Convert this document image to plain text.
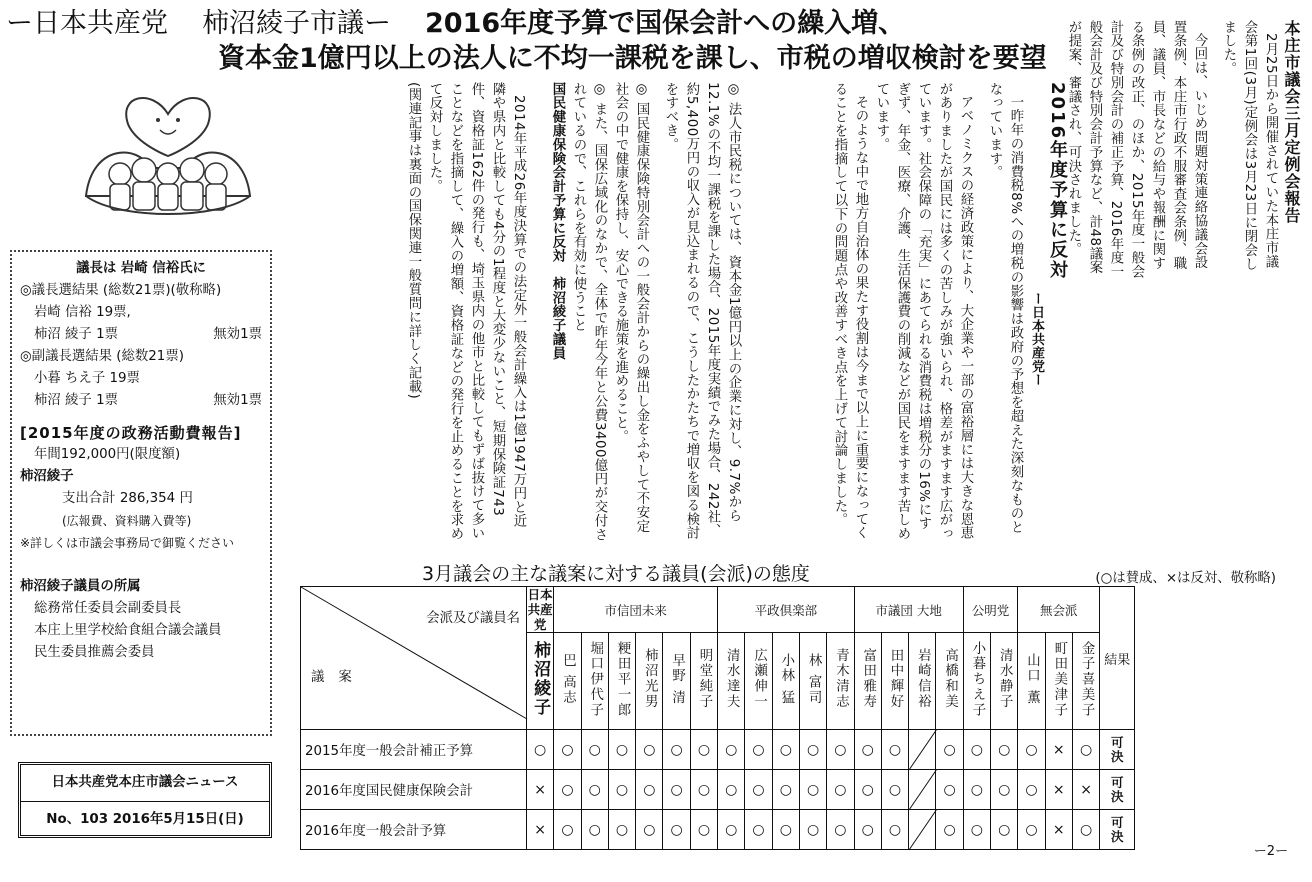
ー日本共産党 柿沼綾子市議ー 2016年度予算で国保会計への繰入増、
資本金1億円以上の法人に不均一課税を課し、市税の増収検討を要望	本庄市議会三月定例会報告

2月25日から開催されていた本庄市議会第1回(3月)定例会は3月23日に閉会しました。

今回は、いじめ問題対策連絡協議会設置条例、本庄市行政不服審査会条例、職員、議員、市長などの給与や報酬に関する条例の改正、のほか、2015年度一般会計及び特別会計の補正予算、2016年度一般会計及び特別会計予算など、計48議案が提案、審議され、可決されました。

2016年度予算に反対

ー日本共産党ー

一昨年の消費税8%への増税の影響は政府の予想を超えた深刻なものとなっています。

アベノミクスの経済政策により、大企業や一部の富裕層には大きな恩恵がありましたが国民には多くの苦しみが強いられ、格差がますます広がっています。社会保障の「充実」にあてられる消費税は増税分の16%にすぎず、年金、医療、介護、生活保護費の削減などが国民をますます苦しめています。

そのような中で地方自治体の果たす役割は今まで以上に重要になってくることを指摘して以下の問題点や改善すべき点を上げて討論しました。

◎ 法人市民税については、資本金1億円以上の企業に対し、9.7%から12.1%の不均一課税を課した場合、2015年度実績でみた場合、242社、約5,400万円の収入が見込まれるので、こうしたかたちで増収を図る検討をすべき。

◎ 国民健康保険特別会計への一般会計からの繰出し金をふやして不安定社会の中で健康を保持し、安心できる施策を進めること。

◎ また、国保広域化のなかで、全体で昨年今年と公費3400億円が交付されているので、これらを有効に使うこと

国民健康保険会計予算に反対　柿沼綾子議員

2014年平成26年度決算での法定外一般会計繰入は1億1947万円と近隣や県内と比較しても4分の1程度と大変少ないこと、短期保険証743件、資格証162件の発行も、埼玉県内の他市と比較してもずば抜けて多いことなどを指摘して、繰入の増額、資格証などの発行を止めることを求めて反対しました。

(関連記事は裏面の国保関連一般質問に詳しく記載)

議長は 岩崎 信裕氏に
◎議長選結果 (総数21票)(敬称略)
岩崎 信裕 19票,
柿沼 綾子 1票	無効1票
◎副議長選結果 (総数21票)
小暮 ちえ子 19票
柿沼 綾子 1票	無効1票
[2015年度の政務活動費報告]
年間192,000円(限度額)
柿沼綾子
支出合計 286,354 円
(広報費、資料購入費等)
※詳しくは市議会事務局で御覧ください
柿沼綾子議員の所属
総務常任委員会副委員長
本庄上里学校給食組合議会議員
民生委員推薦会委員
日本共産党本庄市議会ニュース
No、103 2016年5月15日(日)
3月議会の主な議案に対する議員(会派)の態度	(○は賛成、×は反対、敬称略)
会派及び議員名
議案	日本共産党	市信団未来						平政倶楽部					市議団 大地				公明党		無会派			結果
	柿沼綾子	巴 高志	堀口伊代子	粳田平一郎	柿沼光男	早野 清	明堂純子	清水達夫	広瀬伸一	小林 猛	林 富司	青木清志	富田雅寿	田中輝好	岩崎信裕	高橋和美	小暮ちえ子	清水静子	山口 薫	町田美津子	金子喜美子	
2015年度一般会計補正予算	○	○	○	○	○	○	○	○	○	○	○	○	○	○		○	○	○	○	×	○	可
決

2016年度国民健康保険会計	×	○	○	○	○	○	○	○	○	○	○	○	○	○		○	○	○	○	×	×	可
決

2016年度一般会計予算	×	○	○	○	○	○	○	○	○	○	○	○	○	○		○	○	○	○	×	○	可
決
ー2ー
